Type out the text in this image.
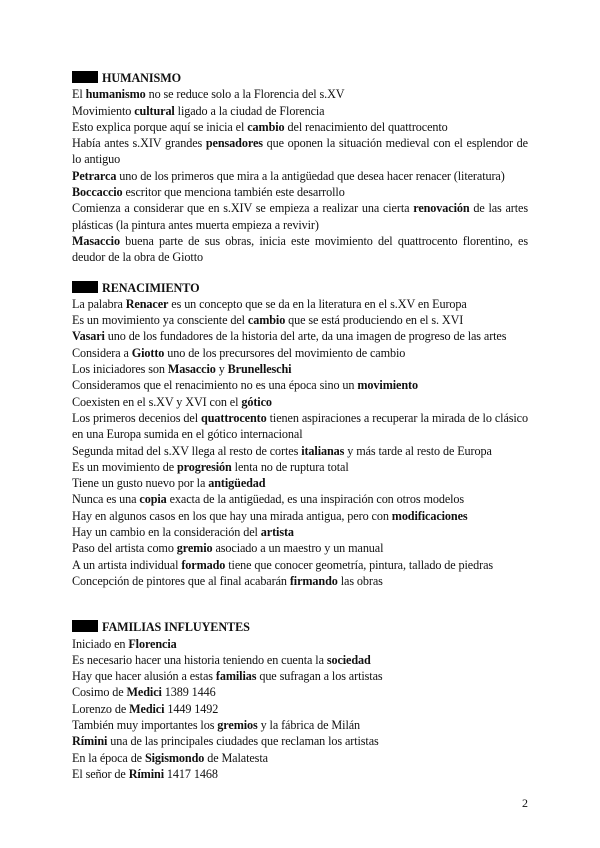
HUMANISMO

El humanismo no se reduce solo a la Florencia del s.XV

Movimiento cultural ligado a la ciudad de Florencia

Esto explica porque aquí se inicia el cambio del renacimiento del quattrocento

Había antes s.XIV grandes pensadores que oponen la situación medieval con el esplendor de lo antiguo

Petrarca uno de los primeros que mira a la antigüedad que desea hacer renacer (literatura)

Boccaccio escritor que menciona también este desarrollo

Comienza a considerar que en s.XIV se empieza a realizar una cierta renovación de las artes plásticas (la pintura antes muerta empieza a revivir)

Masaccio buena parte de sus obras, inicia este movimiento del quattrocento florentino, es deudor de la obra de Giotto

RENACIMIENTO

La palabra Renacer es un concepto que se da en la literatura en el s.XV en Europa

Es un movimiento ya consciente del cambio que se está produciendo en el s. XVI

Vasari uno de los fundadores de la historia del arte, da una imagen de progreso de las artes

Considera a Giotto uno de los precursores del movimiento de cambio

Los iniciadores son Masaccio y Brunelleschi

Consideramos que el renacimiento no es una época sino un movimiento

Coexisten en el s.XV y XVI con el gótico

Los primeros decenios del quattrocento tienen aspiraciones a recuperar la mirada de lo clásico en una Europa sumida en el gótico internacional

Segunda mitad del s.XV llega al resto de cortes italianas y más tarde al resto de Europa

Es un movimiento de progresión lenta no de ruptura total

Tiene un gusto nuevo por la antigüedad

Nunca es una copia exacta de la antigüedad, es una inspiración con otros modelos

Hay en algunos casos en los que hay una mirada antigua, pero con modificaciones

Hay un cambio en la consideración del artista

Paso del artista como gremio asociado a un maestro y un manual

A un artista individual formado tiene que conocer geometría, pintura, tallado de piedras

Concepción de pintores que al final acabarán firmando las obras

FAMILIAS INFLUYENTES

Iniciado en Florencia

Es necesario hacer una historia teniendo en cuenta la sociedad

Hay que hacer alusión a estas familias que sufragan a los artistas

Cosimo de Medici 1389 1446

Lorenzo de Medici 1449 1492

También muy importantes los gremios y la fábrica de Milán

Rímini una de las principales ciudades que reclaman los artistas

En la época de Sigismondo de Malatesta

El señor de Rímini 1417 1468

2
